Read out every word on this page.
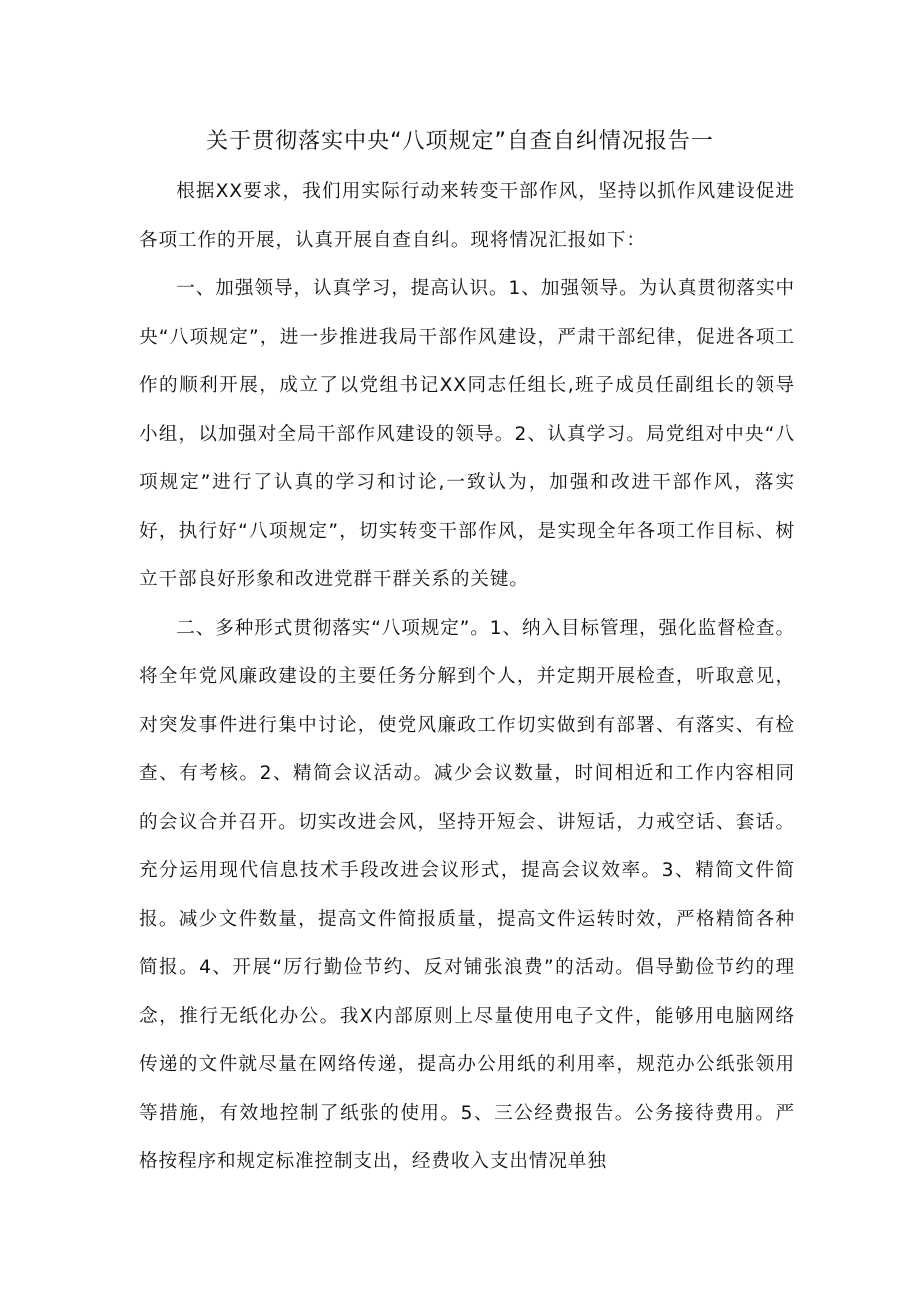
关于贯彻落实中央“八项规定”自查自纠情况报告一

根据XX要求，我们用实际行动来转变干部作风，坚持以抓作风建设促进各项工作的开展，认真开展自查自纠。现将情况汇报如下：

一、加强领导，认真学习，提高认识。1、加强领导。为认真贯彻落实中央“八项规定”，进一步推进我局干部作风建设，严肃干部纪律，促进各项工作的顺利开展，成立了以党组书记XX同志任组长,班子成员任副组长的领导小组，以加强对全局干部作风建设的领导。2、认真学习。局党组对中央“八项规定”进行了认真的学习和讨论,一致认为，加强和改进干部作风，落实好，执行好“八项规定”，切实转变干部作风，是实现全年各项工作目标、树立干部良好形象和改进党群干群关系的关键。

二、多种形式贯彻落实“八项规定”。1、纳入目标管理，强化监督检查。将全年党风廉政建设的主要任务分解到个人，并定期开展检查，听取意见，对突发事件进行集中讨论，使党风廉政工作切实做到有部署、有落实、有检查、有考核。2、精简会议活动。减少会议数量，时间相近和工作内容相同的会议合并召开。切实改进会风，坚持开短会、讲短话，力戒空话、套话。充分运用现代信息技术手段改进会议形式，提高会议效率。3、精简文件简报。减少文件数量，提高文件简报质量，提高文件运转时效，严格精简各种简报。4、开展“厉行勤俭节约、反对铺张浪费”的活动。倡导勤俭节约的理念，推行无纸化办公。我X内部原则上尽量使用电子文件，能够用电脑网络传递的文件就尽量在网络传递，提高办公用纸的利用率，规范办公纸张领用等措施，有效地控制了纸张的使用。5、三公经费报告。公务接待费用。严格按程序和规定标准控制支出，经费收入支出情况单独
